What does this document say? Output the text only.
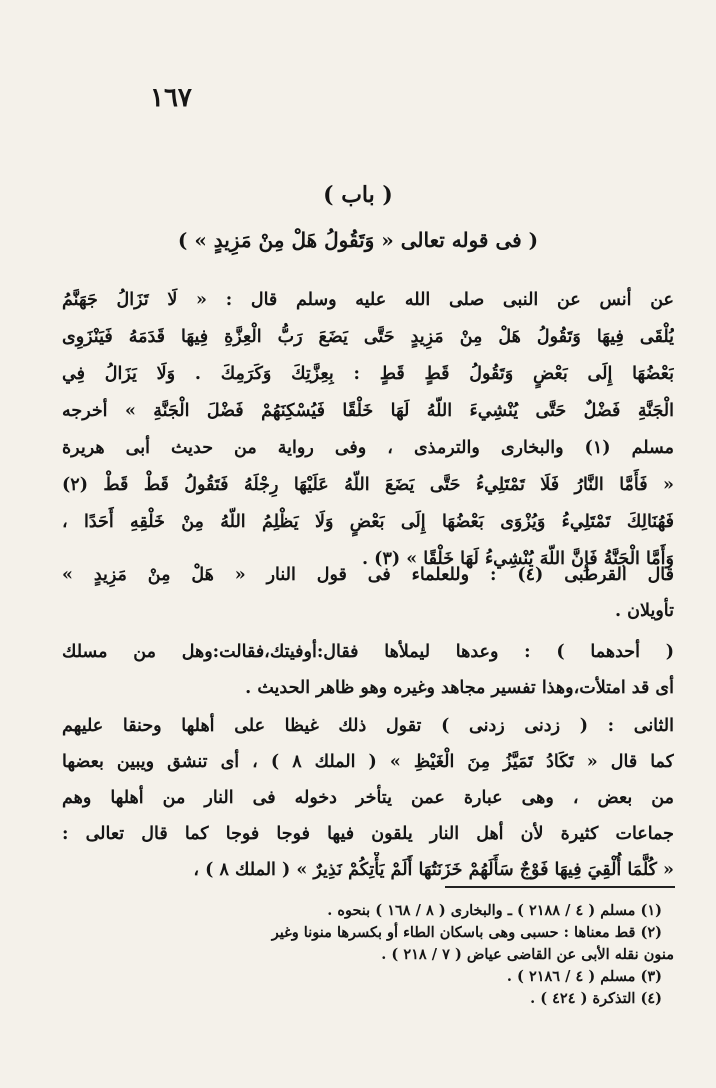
١٦٧
( باب )
( فى قوله تعالى « وَتَقُولُ هَلْ مِنْ مَزِيدٍ » )
عن أنس عن النبى صلى الله عليه وسلم قال : « لَا تَزَالُ جَهَنَّمُ
يُلْقَى فِيهَا وَتَقُولُ هَلْ مِنْ مَزِيدٍ حَتَّى يَضَعَ رَبُّ الْعِزَّةِ فِيهَا قَدَمَهُ فَيَنْزَوِى
بَعْضُهَا إِلَى بَعْضٍ وَتَقُولُ قَطٍ قَطٍ : بِعِزَّتِكَ وَكَرَمِكَ . وَلَا يَزَالُ فِي
الْجَنَّةِ فَضْلٌ حَتَّى يُنْشِيءَ اللّهُ لَهَا خَلْقًا فَيُسْكِنَهُمْ فَضْلَ الْجَنَّةِ » أخرجه
مسلم (١) والبخارى والترمذى ، وفى رواية من حديث أبى هريرة
« فَأَمَّا النَّارُ فَلَا تَمْتَلِيءُ حَتَّى يَضَعَ اللّهُ عَلَيْهَا رِجْلَهُ فَتَقُولُ قَطْ قَطْ (٢)
فَهُنَالِكَ تَمْتَلِيءُ وَيُزْوَى بَعْضُهَا إِلَى بَعْضٍ وَلَا يَظْلِمُ اللّهُ مِنْ خَلْقِهِ أَحَدًا ،
وَأَمَّا الْجَنَّةُ فَإِنَّ اللّهَ يُنْشِيءُ لَهَا خَلْقًا » (٣) .
قال القرطبى (٤) : وللعلماء فى قول النار « هَلْ مِنْ مَزِيدٍ »
تأويلان .
( أحدهما ) : وعدها ليملأها فقال:أوفيتك،فقالت:وهل من مسلك
أى قد امتلأت،وهذا تفسير مجاهد وغيره وهو ظاهر الحديث .
الثانى : ( زدنى زدنى ) تقول ذلك غيظا على أهلها وحنقا عليهم
كما قال « تَكَادُ تَمَيَّزُ مِنَ الْغَيْظِ » ( الملك ٨ ) ، أى تنشق ويبين بعضها
من بعض ، وهى عبارة عمن يتأخر دخوله فى النار من أهلها وهم
جماعات كثيرة لأن أهل النار يلقون فيها فوجا فوجا كما قال تعالى :
« كُلَّمَا أُلْقِيَ فِيهَا فَوْجٌ سَأَلَهُمْ خَزَنَتُهَا أَلَمْ يَأْتِكُمْ نَذِيرٌ » ( الملك ٨ ) ،
(١) مسلم ( ٤ / ٢١٨٨ ) ـ والبخارى ( ٨ / ١٦٨ ) بنحوه .
(٢) قط معناها : حسبى وهى باسكان الطاء أو بكسرها منونا وغير
منون نقله الأبى عن القاضى عياض ( ٧ / ٢١٨ ) .
(٣) مسلم ( ٤ / ٢١٨٦ ) .
(٤) التذكرة ( ٤٢٤ ) .
